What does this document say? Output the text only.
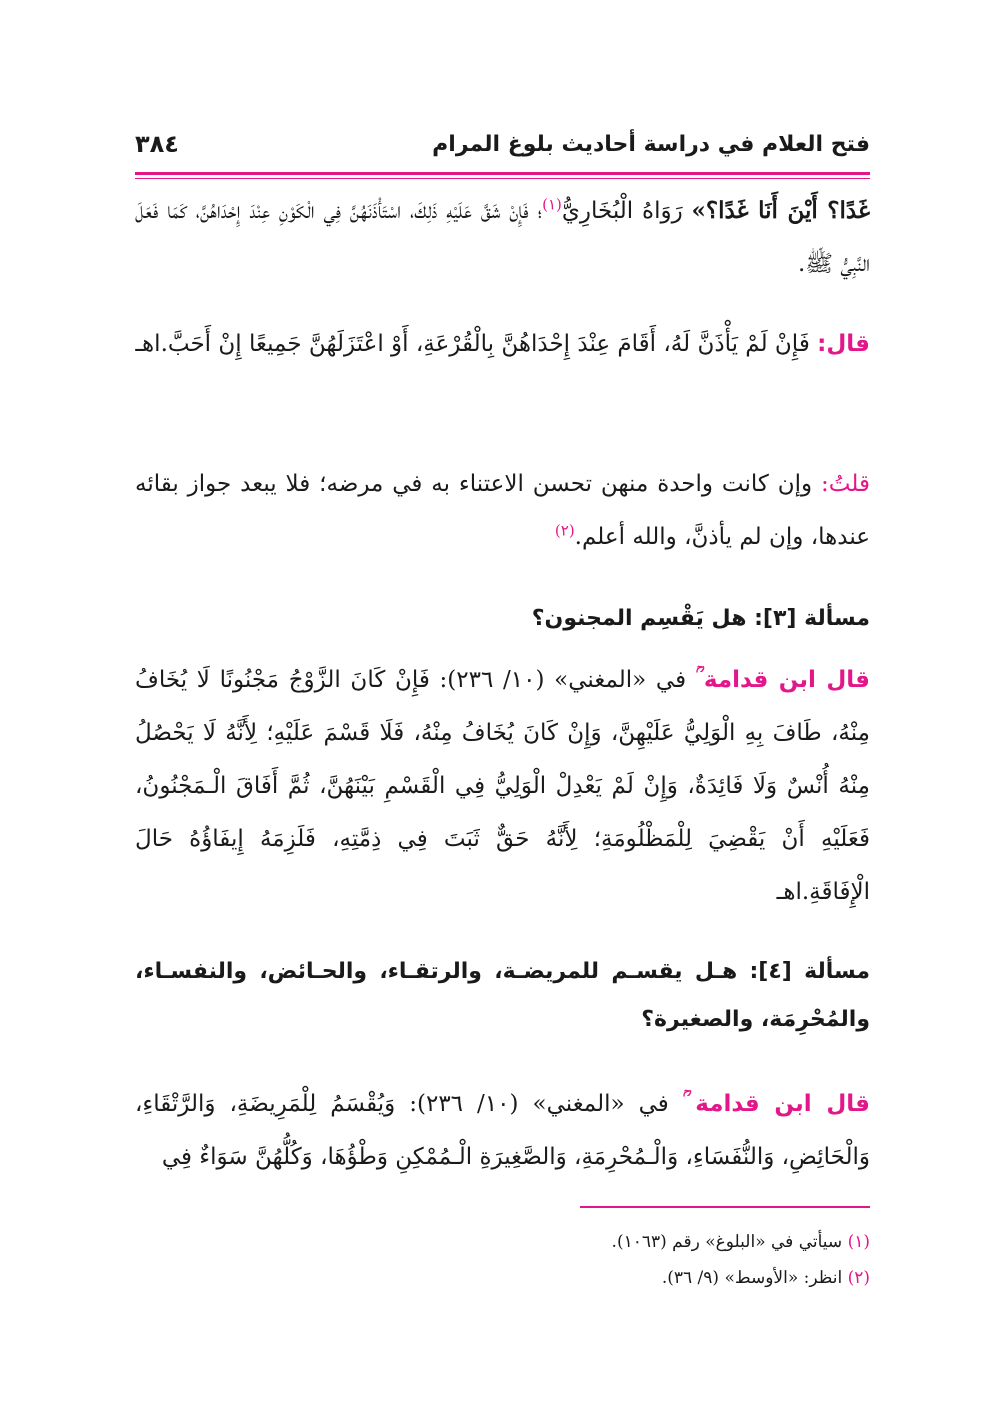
فتح العلام في دراسة أحاديث بلوغ المرام
٣٨٤

غَدًا؟ أَيْنَ أَنَا غَدًا؟» رَوَاهُ الْبُخَارِيُّ$^{(١)}$؛ فَإِنْ شَقَّ عَلَيْهِ ذَلِكَ، اسْتَأْذَنَهُنَّ فِي الْكَوْنِ عِنْدَ إِحْدَاهُنَّ، كَمَا فَعَلَ النَّبِيُّ ﷺ.

قال: فَإِنْ لَمْ يَأْذَنَّ لَهُ، أَقَامَ عِنْدَ إِحْدَاهُنَّ بِالْقُرْعَةِ، أَوْ اعْتَزَلَهُنَّ جَمِيعًا إِنْ أَحَبَّ.اهـ

قلتُ: وإن كانت واحدة منهن تحسن الاعتناء به في مرضه؛ فلا يبعد جواز بقائه عندها، وإن لم يأذنَّ، والله أعلم.$^{(٢)}$

مسألة [٣]: هل يَقْسِم المجنون؟

قال ابن قدامة ؒ في «المغني» (١٠/ ٢٣٦): فَإِنْ كَانَ الزَّوْجُ مَجْنُونًا لَا يُخَافُ مِنْهُ، طَافَ بِهِ الْوَلِيُّ عَلَيْهِنَّ، وَإِنْ كَانَ يُخَافُ مِنْهُ، فَلَا قَسْمَ عَلَيْهِ؛ لِأَنَّهُ لَا يَحْصُلُ مِنْهُ أُنْسٌ وَلَا فَائِدَةٌ، وَإِنْ لَمْ يَعْدِلْ الْوَلِيُّ فِي الْقَسْمِ بَيْنَهُنَّ، ثُمَّ أَفَاقَ الْـمَجْنُونُ، فَعَلَيْهِ أَنْ يَقْضِيَ لِلْمَظْلُومَةِ؛ لِأَنَّهُ حَقٌّ ثَبَتَ فِي ذِمَّتِهِ، فَلَزِمَهُ إِيفَاؤُهُ حَالَ الْإِفَاقَةِ.اهـ

مسألة [٤]: هـل يقسـم للمريضـة، والرتقـاء، والحـائض، والنفسـاء، والمُحْرِمَة، والصغيرة؟

قال ابن قدامة ؒ في «المغني» (١٠/ ٢٣٦): وَيُقْسَمُ لِلْمَرِيضَةِ، وَالرَّتْقَاءِ، وَالْحَائِضِ، وَالنُّفَسَاءِ، وَالْـمُحْرِمَةِ، وَالصَّغِيرَةِ الْـمُمْكِنِ وَطْؤُهَا، وَكُلُّهُنَّ سَوَاءٌ فِي

(١) سيأتي في «البلوغ» رقم (١٠٦٣).

(٢) انظر: «الأوسط» (٩/ ٣٦).
